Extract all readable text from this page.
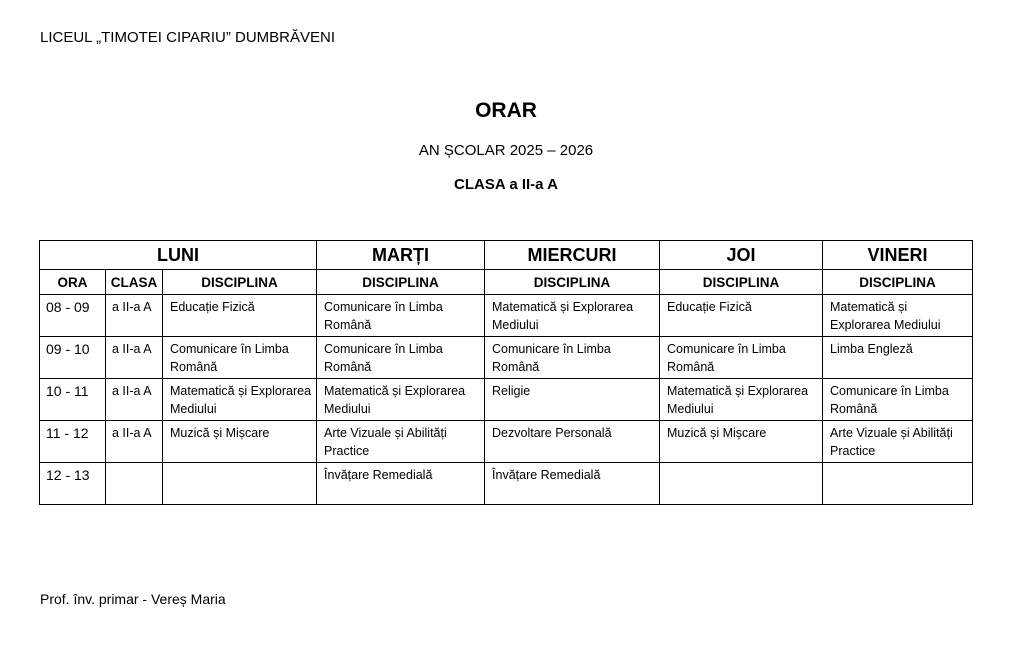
LICEUL „TIMOTEI CIPARIU” DUMBRĂVENI
ORAR
AN ȘCOLAR 2025 – 2026
CLASA a II-a A
LUNI			MARȚI	MIERCURI	JOI	VINERI
ORA	CLASA	DISCIPLINA	DISCIPLINA	DISCIPLINA	DISCIPLINA	DISCIPLINA
08 - 09	a II-a A	Educație Fizică	Comunicare în Limba Română	Matematică și Explorarea Mediului	Educație Fizică	Matematică și Explorarea Mediului
09 - 10	a II-a A	Comunicare în Limba Română	Comunicare în Limba Română	Comunicare în Limba Română	Comunicare în Limba Română	Limba Engleză
10 - 11	a II-a A	Matematică și Explorarea Mediului	Matematică și Explorarea Mediului	Religie	Matematică și Explorarea Mediului	Comunicare în Limba Română
11 - 12	a II-a A	Muzică și Mișcare	Arte Vizuale și Abilități Practice	Dezvoltare Personală	Muzică și Mișcare	Arte Vizuale și Abilități Practice
12 - 13			Învățare Remedială	Învățare Remedială		
Prof. înv. primar - Vereș Maria
